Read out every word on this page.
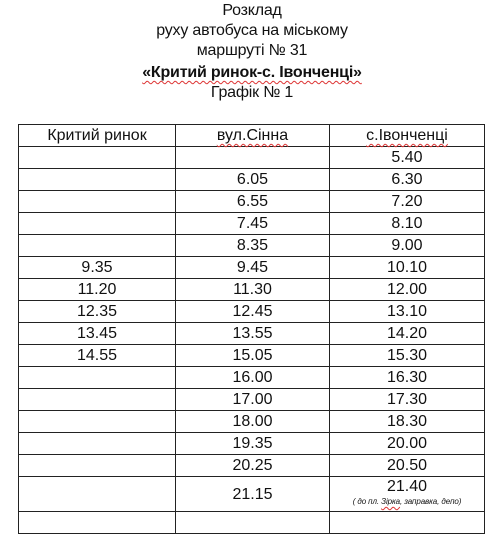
Розклад
руху автобуса на міському
маршруті № 31
«Критий ринок-с. Івонченці»
Графік № 1
Критий ринок	вул.Сінна	с.Івонченці
		5.40
	6.05	6.30
	6.55	7.20
	7.45	8.10
	8.35	9.00
9.35	9.45	10.10
11.20	11.30	12.00
12.35	12.45	13.10
13.45	13.55	14.20
14.55	15.05	15.30
	16.00	16.30
	17.00	17.30
	18.00	18.30
	19.35	20.00
	20.25	20.50
	21.15	21.40
( до пл. Зірка, заправка, депо)
